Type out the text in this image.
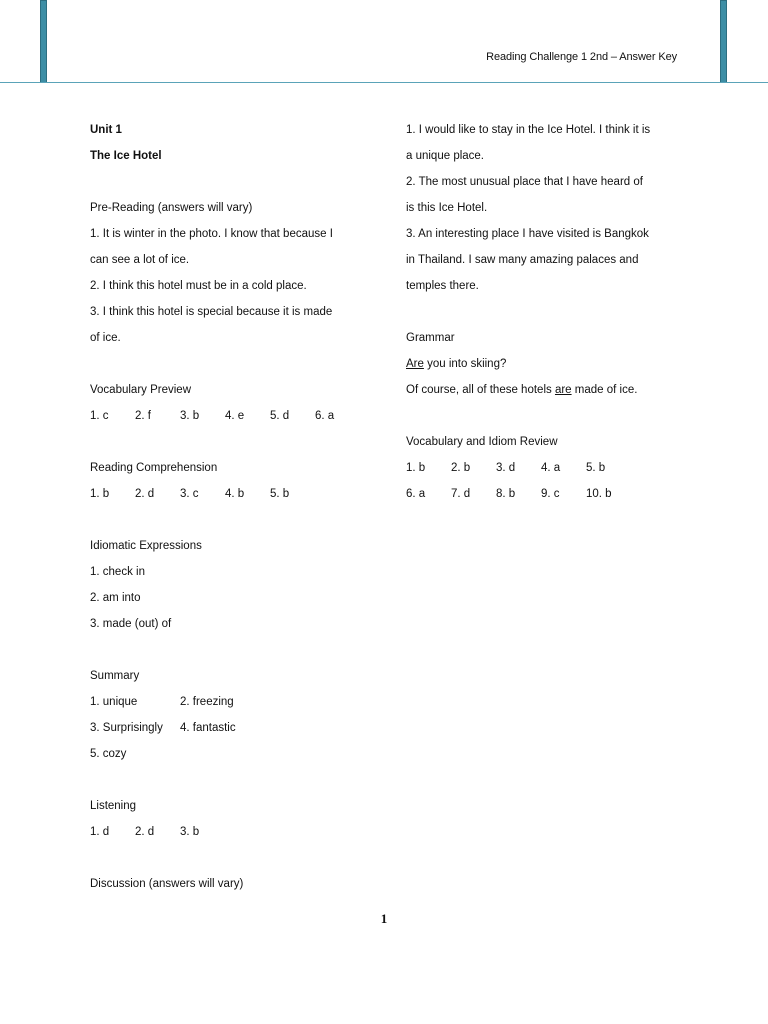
Reading Challenge 1 2nd – Answer Key
Unit 1
The Ice Hotel
Pre-Reading (answers will vary)
1. It is winter in the photo. I know that because I
can see a lot of ice.
2. I think this hotel must be in a cold place.
3. I think this hotel is special because it is made
of ice.
Vocabulary Preview
1. c	2. f	3. b	4. e	5. d	6. a
Reading Comprehension
1. b	2. d	3. c	4. b	5. b
Idiomatic Expressions
1. check in
2. am into
3. made (out) of
Summary
1. unique	2. freezing
3. Surprisingly	4. fantastic
5. cozy
Listening
1. d	2. d	3. b
Discussion (answers will vary)
1. I would like to stay in the Ice Hotel. I think it is
a unique place.
2. The most unusual place that I have heard of
is this Ice Hotel.
3. An interesting place I have visited is Bangkok
in Thailand. I saw many amazing palaces and
temples there.
Grammar
Are you into skiing?
Of course, all of these hotels are made of ice.
Vocabulary and Idiom Review
1. b	2. b	3. d	4. a	5. b
6. a	7. d	8. b	9. c	10. b
1
